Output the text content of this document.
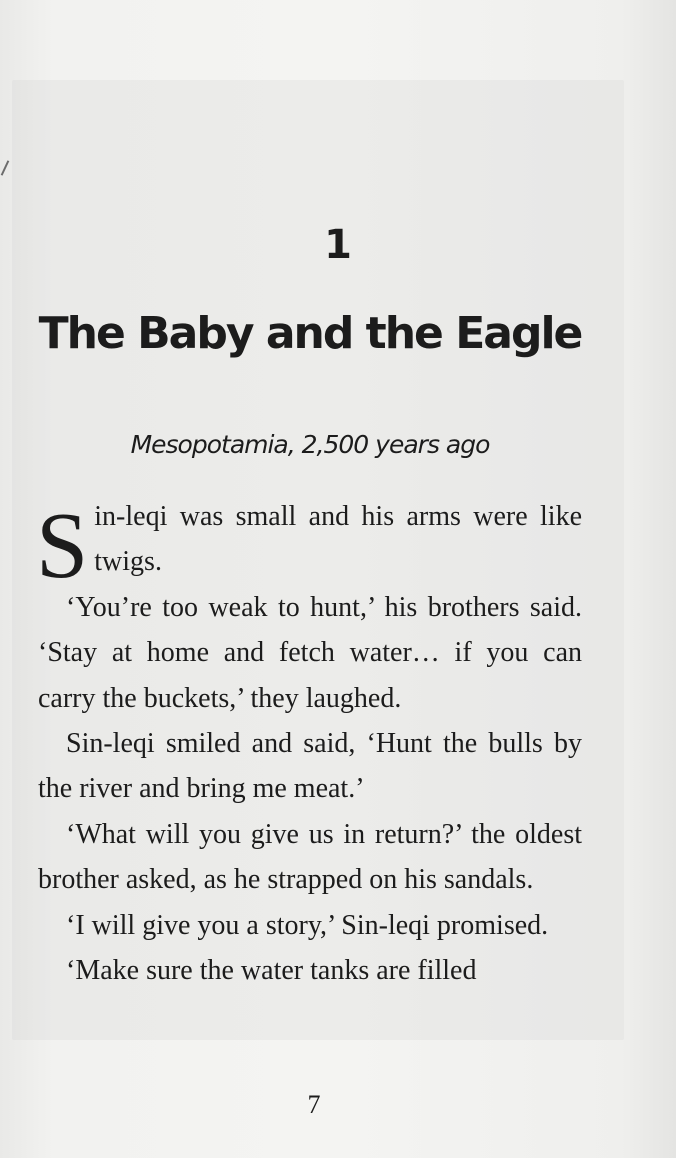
1
The Baby and the Eagle
Mesopotamia, 2,500 years ago

Sin-leqi was small and his arms were like twigs.

‘You’re too weak to hunt,’ his brothers said. ‘Stay at home and fetch water… if you can carry the buckets,’ they laughed.

Sin-leqi smiled and said, ‘Hunt the bulls by the river and bring me meat.’

‘What will you give us in return?’ the oldest brother asked, as he strapped on his sandals.

‘I will give you a story,’ Sin-leqi promised.

‘Make sure the water tanks are filled

7
